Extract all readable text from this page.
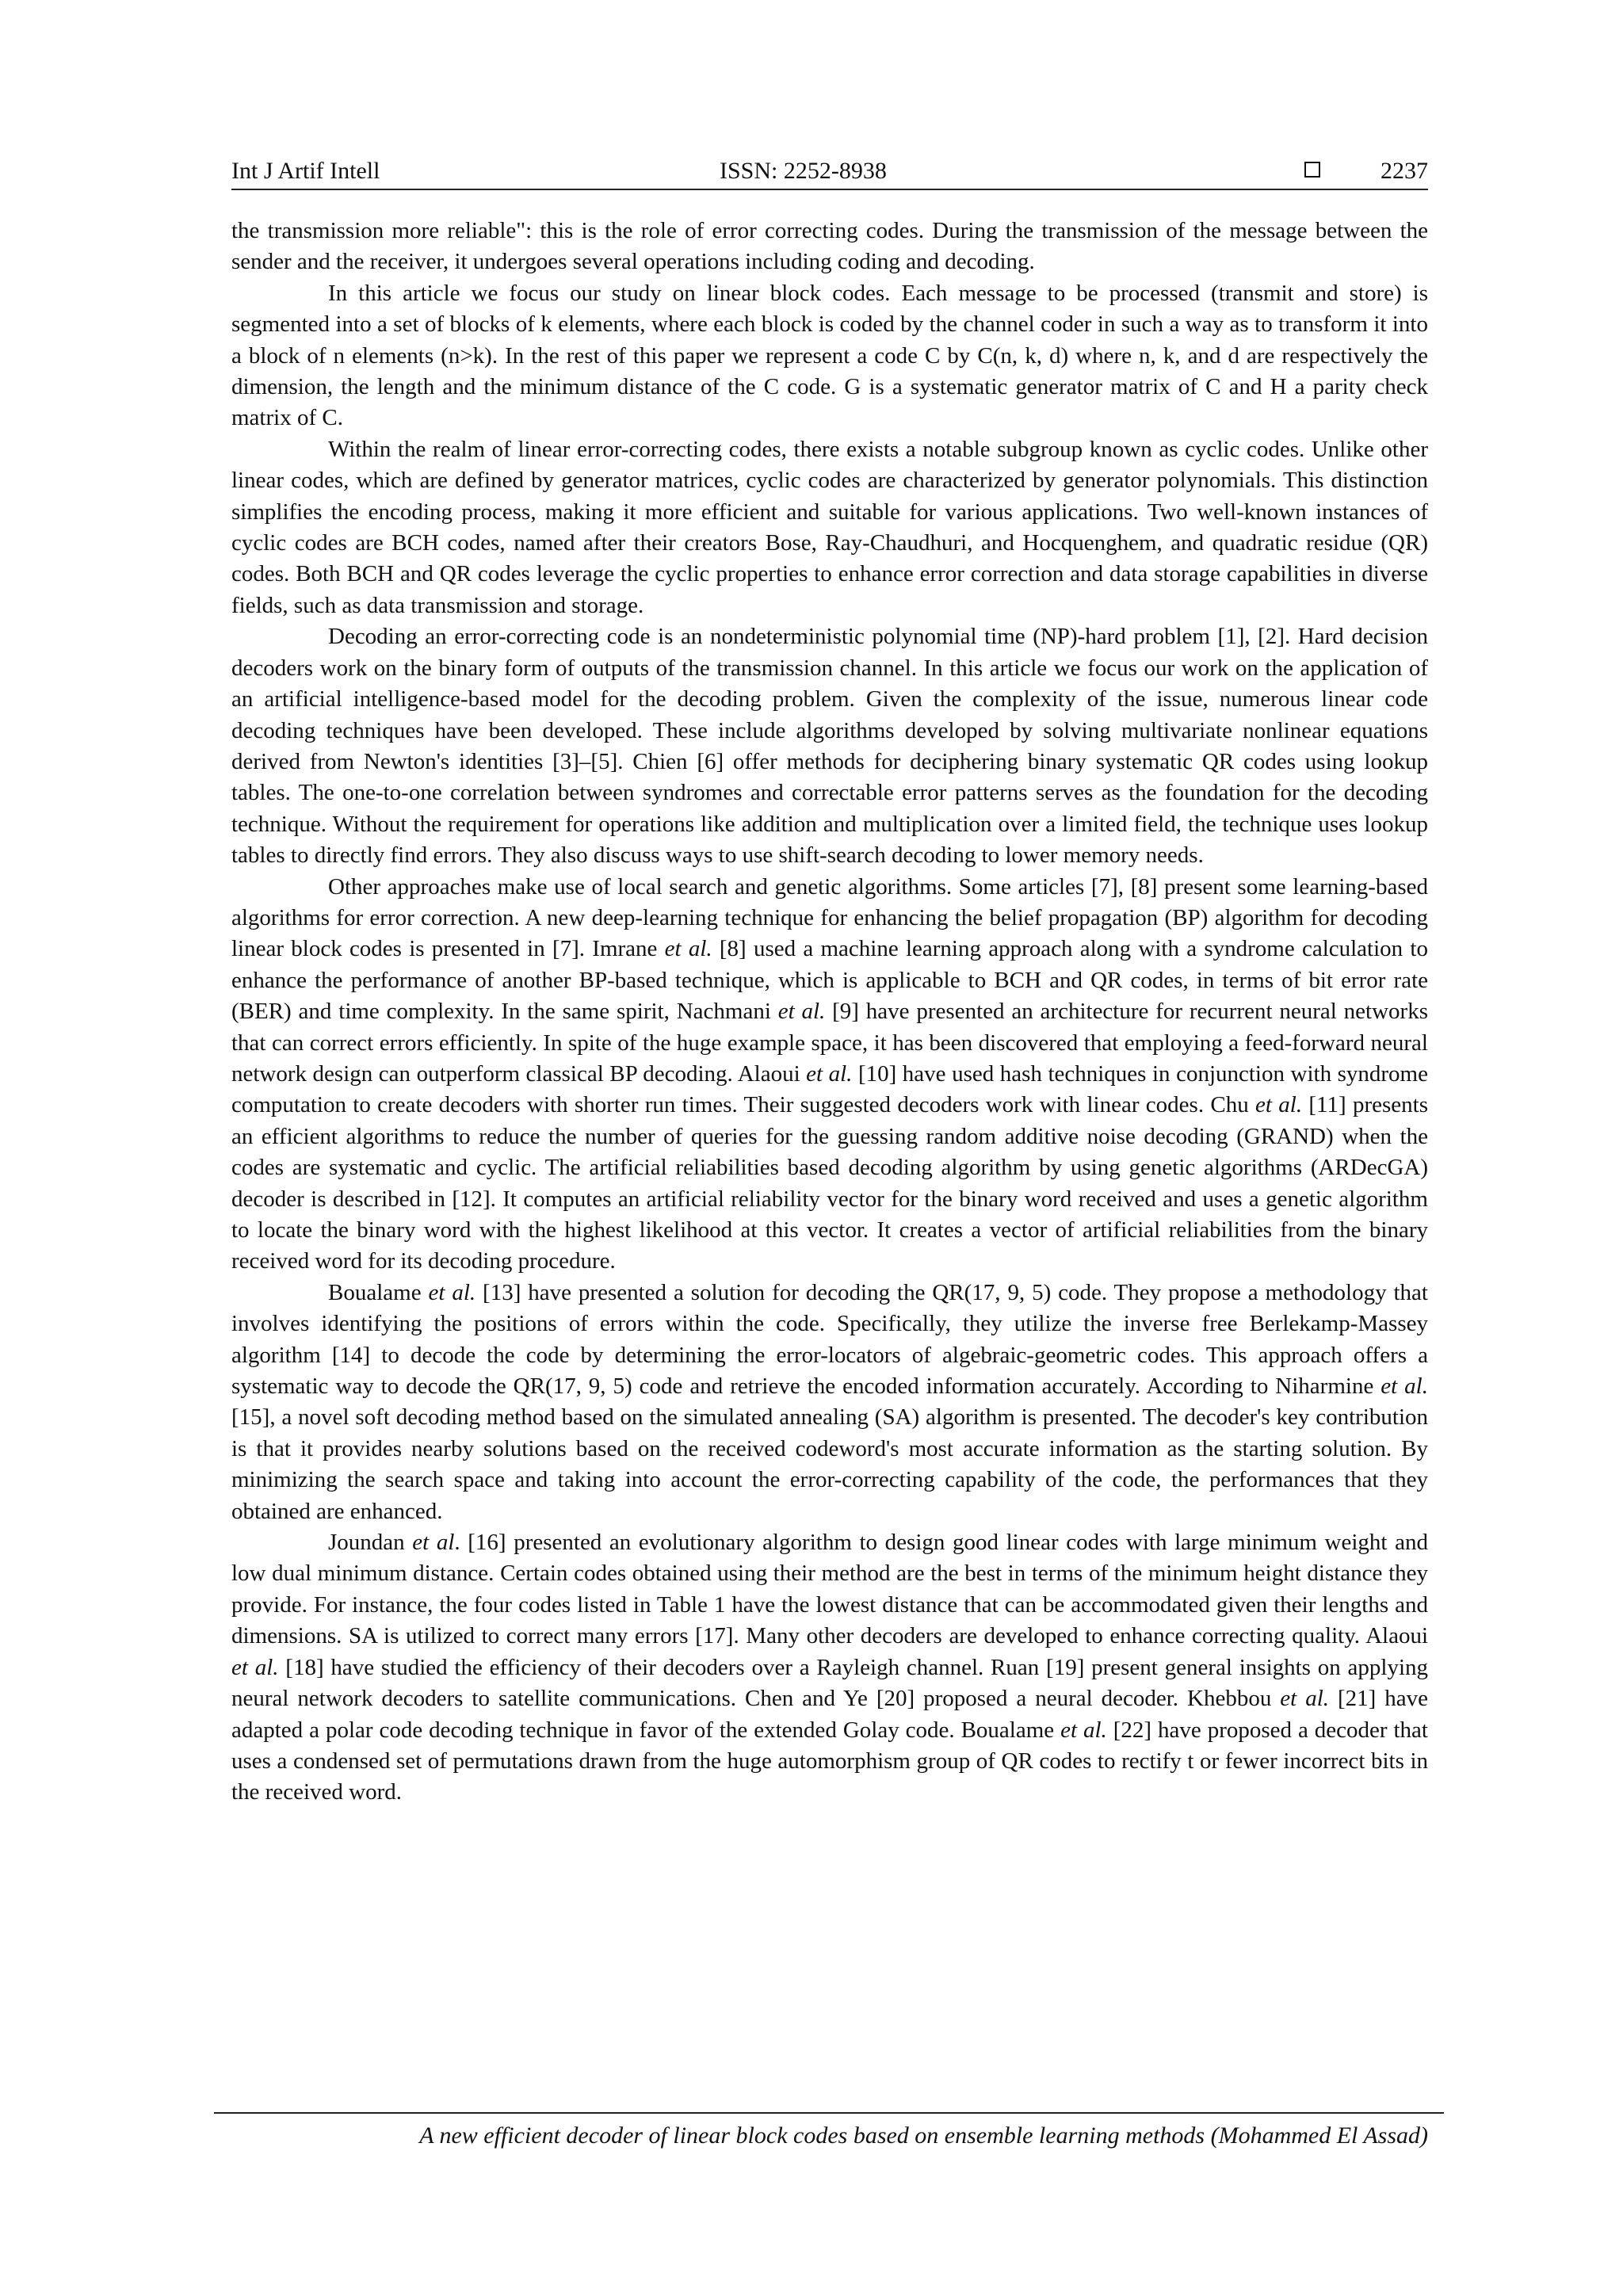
Int J Artif Intell	ISSN: 2252-8938	2237

the transmission more reliable": this is the role of error correcting codes. During the transmission of the message between the sender and the receiver, it undergoes several operations including coding and decoding.

In this article we focus our study on linear block codes. Each message to be processed (transmit and store) is segmented into a set of blocks of k elements, where each block is coded by the channel coder in such a way as to transform it into a block of n elements (n>k). In the rest of this paper we represent a code C by C(n, k, d) where n, k, and d are respectively the dimension, the length and the minimum distance of the C code. G is a systematic generator matrix of C and H a parity check matrix of C.

Within the realm of linear error-correcting codes, there exists a notable subgroup known as cyclic codes. Unlike other linear codes, which are defined by generator matrices, cyclic codes are characterized by generator polynomials. This distinction simplifies the encoding process, making it more efficient and suitable for various applications. Two well-known instances of cyclic codes are BCH codes, named after their creators Bose, Ray-Chaudhuri, and Hocquenghem, and quadratic residue (QR) codes. Both BCH and QR codes leverage the cyclic properties to enhance error correction and data storage capabilities in diverse fields, such as data transmission and storage.

Decoding an error-correcting code is an nondeterministic polynomial time (NP)-hard problem [1], [2]. Hard decision decoders work on the binary form of outputs of the transmission channel. In this article we focus our work on the application of an artificial intelligence-based model for the decoding problem. Given the complexity of the issue, numerous linear code decoding techniques have been developed. These include algorithms developed by solving multivariate nonlinear equations derived from Newton's identities [3]–[5]. Chien [6] offer methods for deciphering binary systematic QR codes using lookup tables. The one-to-one correlation between syndromes and correctable error patterns serves as the foundation for the decoding technique. Without the requirement for operations like addition and multiplication over a limited field, the technique uses lookup tables to directly find errors. They also discuss ways to use shift-search decoding to lower memory needs.

Other approaches make use of local search and genetic algorithms. Some articles [7], [8] present some learning-based algorithms for error correction. A new deep-learning technique for enhancing the belief propagation (BP) algorithm for decoding linear block codes is presented in [7]. Imrane et al. [8] used a machine learning approach along with a syndrome calculation to enhance the performance of another BP-based technique, which is applicable to BCH and QR codes, in terms of bit error rate (BER) and time complexity. In the same spirit, Nachmani et al. [9] have presented an architecture for recurrent neural networks that can correct errors efficiently. In spite of the huge example space, it has been discovered that employing a feed-forward neural network design can outperform classical BP decoding. Alaoui et al. [10] have used hash techniques in conjunction with syndrome computation to create decoders with shorter run times. Their suggested decoders work with linear codes. Chu et al. [11] presents an efficient algorithms to reduce the number of queries for the guessing random additive noise decoding (GRAND) when the codes are systematic and cyclic. The artificial reliabilities based decoding algorithm by using genetic algorithms (ARDecGA) decoder is described in [12]. It computes an artificial reliability vector for the binary word received and uses a genetic algorithm to locate the binary word with the highest likelihood at this vector. It creates a vector of artificial reliabilities from the binary received word for its decoding procedure.

Boualame et al. [13] have presented a solution for decoding the QR(17, 9, 5) code. They propose a methodology that involves identifying the positions of errors within the code. Specifically, they utilize the inverse free Berlekamp-Massey algorithm [14] to decode the code by determining the error-locators of algebraic-geometric codes. This approach offers a systematic way to decode the QR(17, 9, 5) code and retrieve the encoded information accurately. According to Niharmine et al. [15], a novel soft decoding method based on the simulated annealing (SA) algorithm is presented. The decoder's key contribution is that it provides nearby solutions based on the received codeword's most accurate information as the starting solution. By minimizing the search space and taking into account the error-correcting capability of the code, the performances that they obtained are enhanced.

Joundan et al. [16] presented an evolutionary algorithm to design good linear codes with large minimum weight and low dual minimum distance. Certain codes obtained using their method are the best in terms of the minimum height distance they provide. For instance, the four codes listed in Table 1 have the lowest distance that can be accommodated given their lengths and dimensions. SA is utilized to correct many errors [17]. Many other decoders are developed to enhance correcting quality. Alaoui et al. [18] have studied the efficiency of their decoders over a Rayleigh channel. Ruan [19] present general insights on applying neural network decoders to satellite communications. Chen and Ye [20] proposed a neural decoder. Khebbou et al. [21] have adapted a polar code decoding technique in favor of the extended Golay code. Boualame et al. [22] have proposed a decoder that uses a condensed set of permutations drawn from the huge automorphism group of QR codes to rectify t or fewer incorrect bits in the received word.

A new efficient decoder of linear block codes based on ensemble learning methods (Mohammed El Assad)
